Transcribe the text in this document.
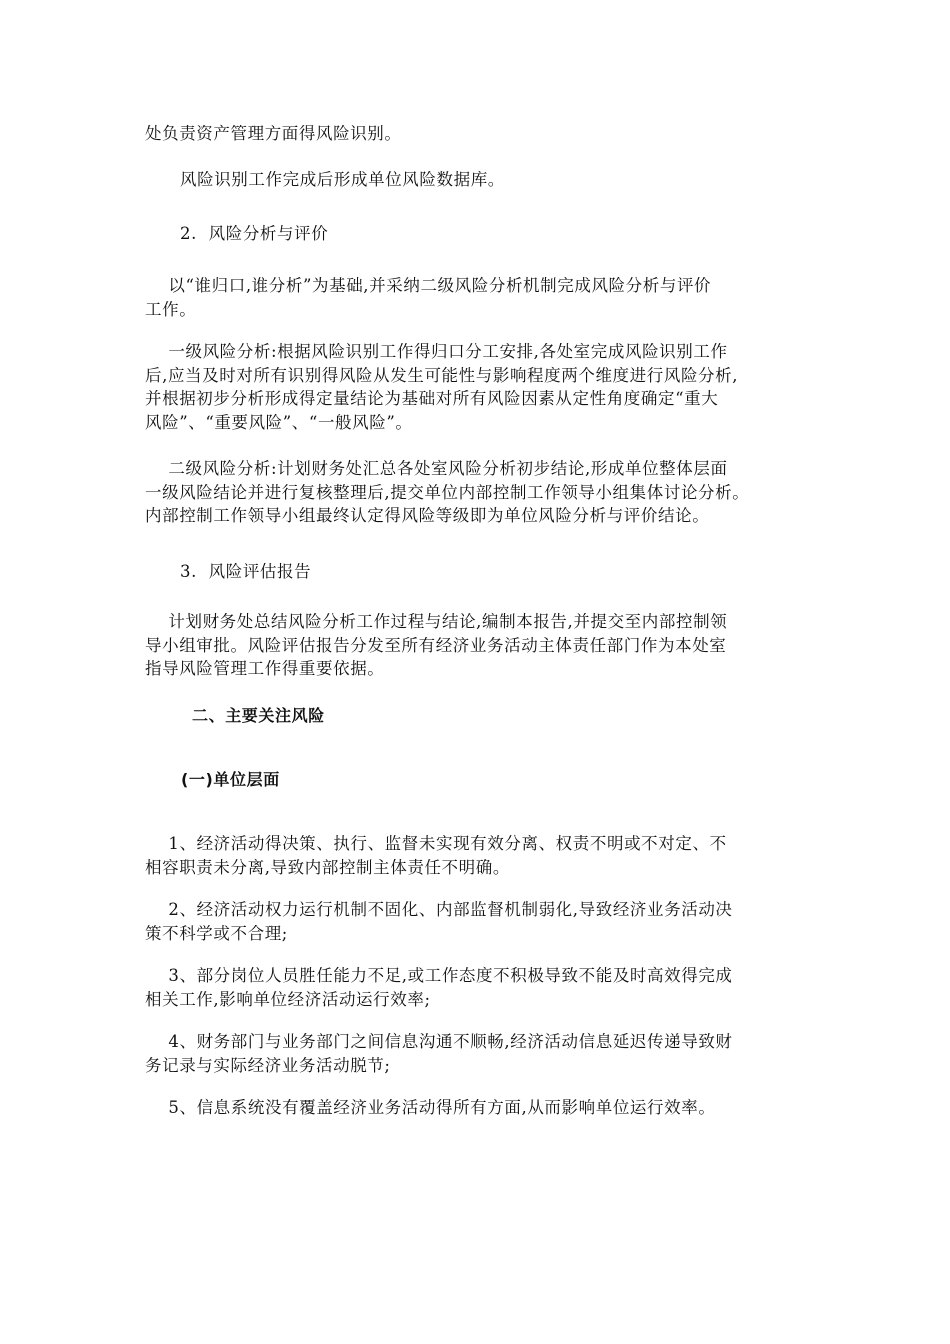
处负责资产管理方面得风险识别。

风险识别工作完成后形成单位风险数据库。

2.  风险分析与评价

以“谁归口,谁分析”为基础,并采纳二级风险分析机制完成风险分析与评价
工作。

一级风险分析:根据风险识别工作得归口分工安排,各处室完成风险识别工作
后,应当及时对所有识别得风险从发生可能性与影响程度两个维度进行风险分析,
并根据初步分析形成得定量结论为基础对所有风险因素从定性角度确定“重大
风险”、“重要风险”、“一般风险”。

二级风险分析:计划财务处汇总各处室风险分析初步结论,形成单位整体层面
一级风险结论并进行复核整理后,提交单位内部控制工作领导小组集体讨论分析。
内部控制工作领导小组最终认定得风险等级即为单位风险分析与评价结论。

3.  风险评估报告

计划财务处总结风险分析工作过程与结论,编制本报告,并提交至内部控制领
导小组审批。风险评估报告分发至所有经济业务活动主体责任部门作为本处室
指导风险管理工作得重要依据。

二、主要关注风险

(一)单位层面

1、经济活动得决策、执行、监督未实现有效分离、权责不明或不对定、不
相容职责未分离,导致内部控制主体责任不明确。

2、经济活动权力运行机制不固化、内部监督机制弱化,导致经济业务活动决
策不科学或不合理;

3、部分岗位人员胜任能力不足,或工作态度不积极导致不能及时高效得完成
相关工作,影响单位经济活动运行效率;

4、财务部门与业务部门之间信息沟通不顺畅,经济活动信息延迟传递导致财
务记录与实际经济业务活动脱节;

5、信息系统没有覆盖经济业务活动得所有方面,从而影响单位运行效率。
